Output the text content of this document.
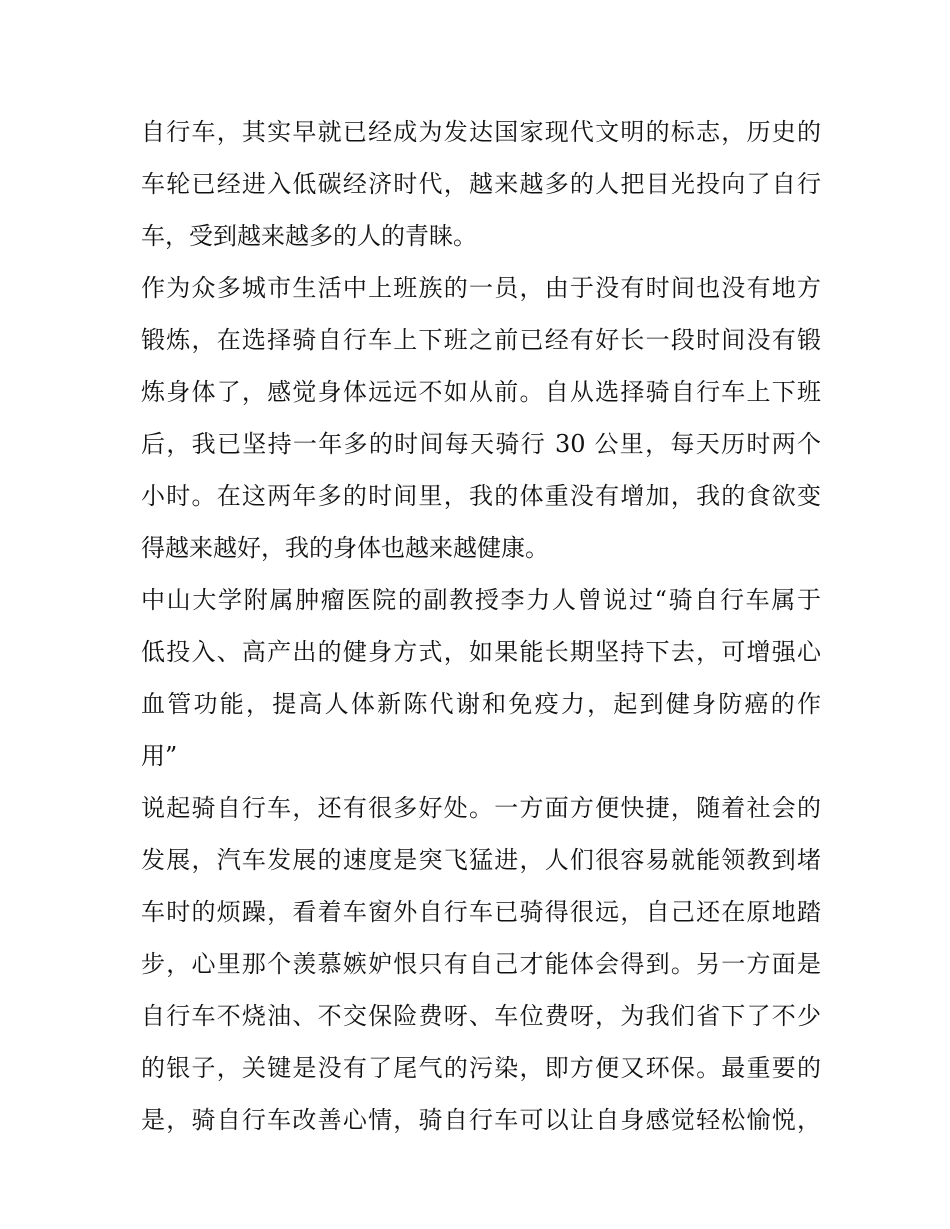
自行车，其实早就已经成为发达国家现代文明的标志，历史的
车轮已经进入低碳经济时代，越来越多的人把目光投向了自行
车，受到越来越多的人的青睐。
作为众多城市生活中上班族的一员，由于没有时间也没有地方
锻炼，在选择骑自行车上下班之前已经有好长一段时间没有锻
炼身体了，感觉身体远远不如从前。自从选择骑自行车上下班
后，我已坚持一年多的时间每天骑行 30 公里，每天历时两个
小时。在这两年多的时间里，我的体重没有增加，我的食欲变
得越来越好，我的身体也越来越健康。
中山大学附属肿瘤医院的副教授李力人曾说过“骑自行车属于
低投入、高产出的健身方式，如果能长期坚持下去，可增强心
血管功能，提高人体新陈代谢和免疫力，起到健身防癌的作
用”
说起骑自行车，还有很多好处。一方面方便快捷，随着社会的
发展，汽车发展的速度是突飞猛进，人们很容易就能领教到堵
车时的烦躁，看着车窗外自行车已骑得很远，自己还在原地踏
步，心里那个羡慕嫉妒恨只有自己才能体会得到。另一方面是
自行车不烧油、不交保险费呀、车位费呀，为我们省下了不少
的银子，关键是没有了尾气的污染，即方便又环保。最重要的
是，骑自行车改善心情，骑自行车可以让自身感觉轻松愉悦，
